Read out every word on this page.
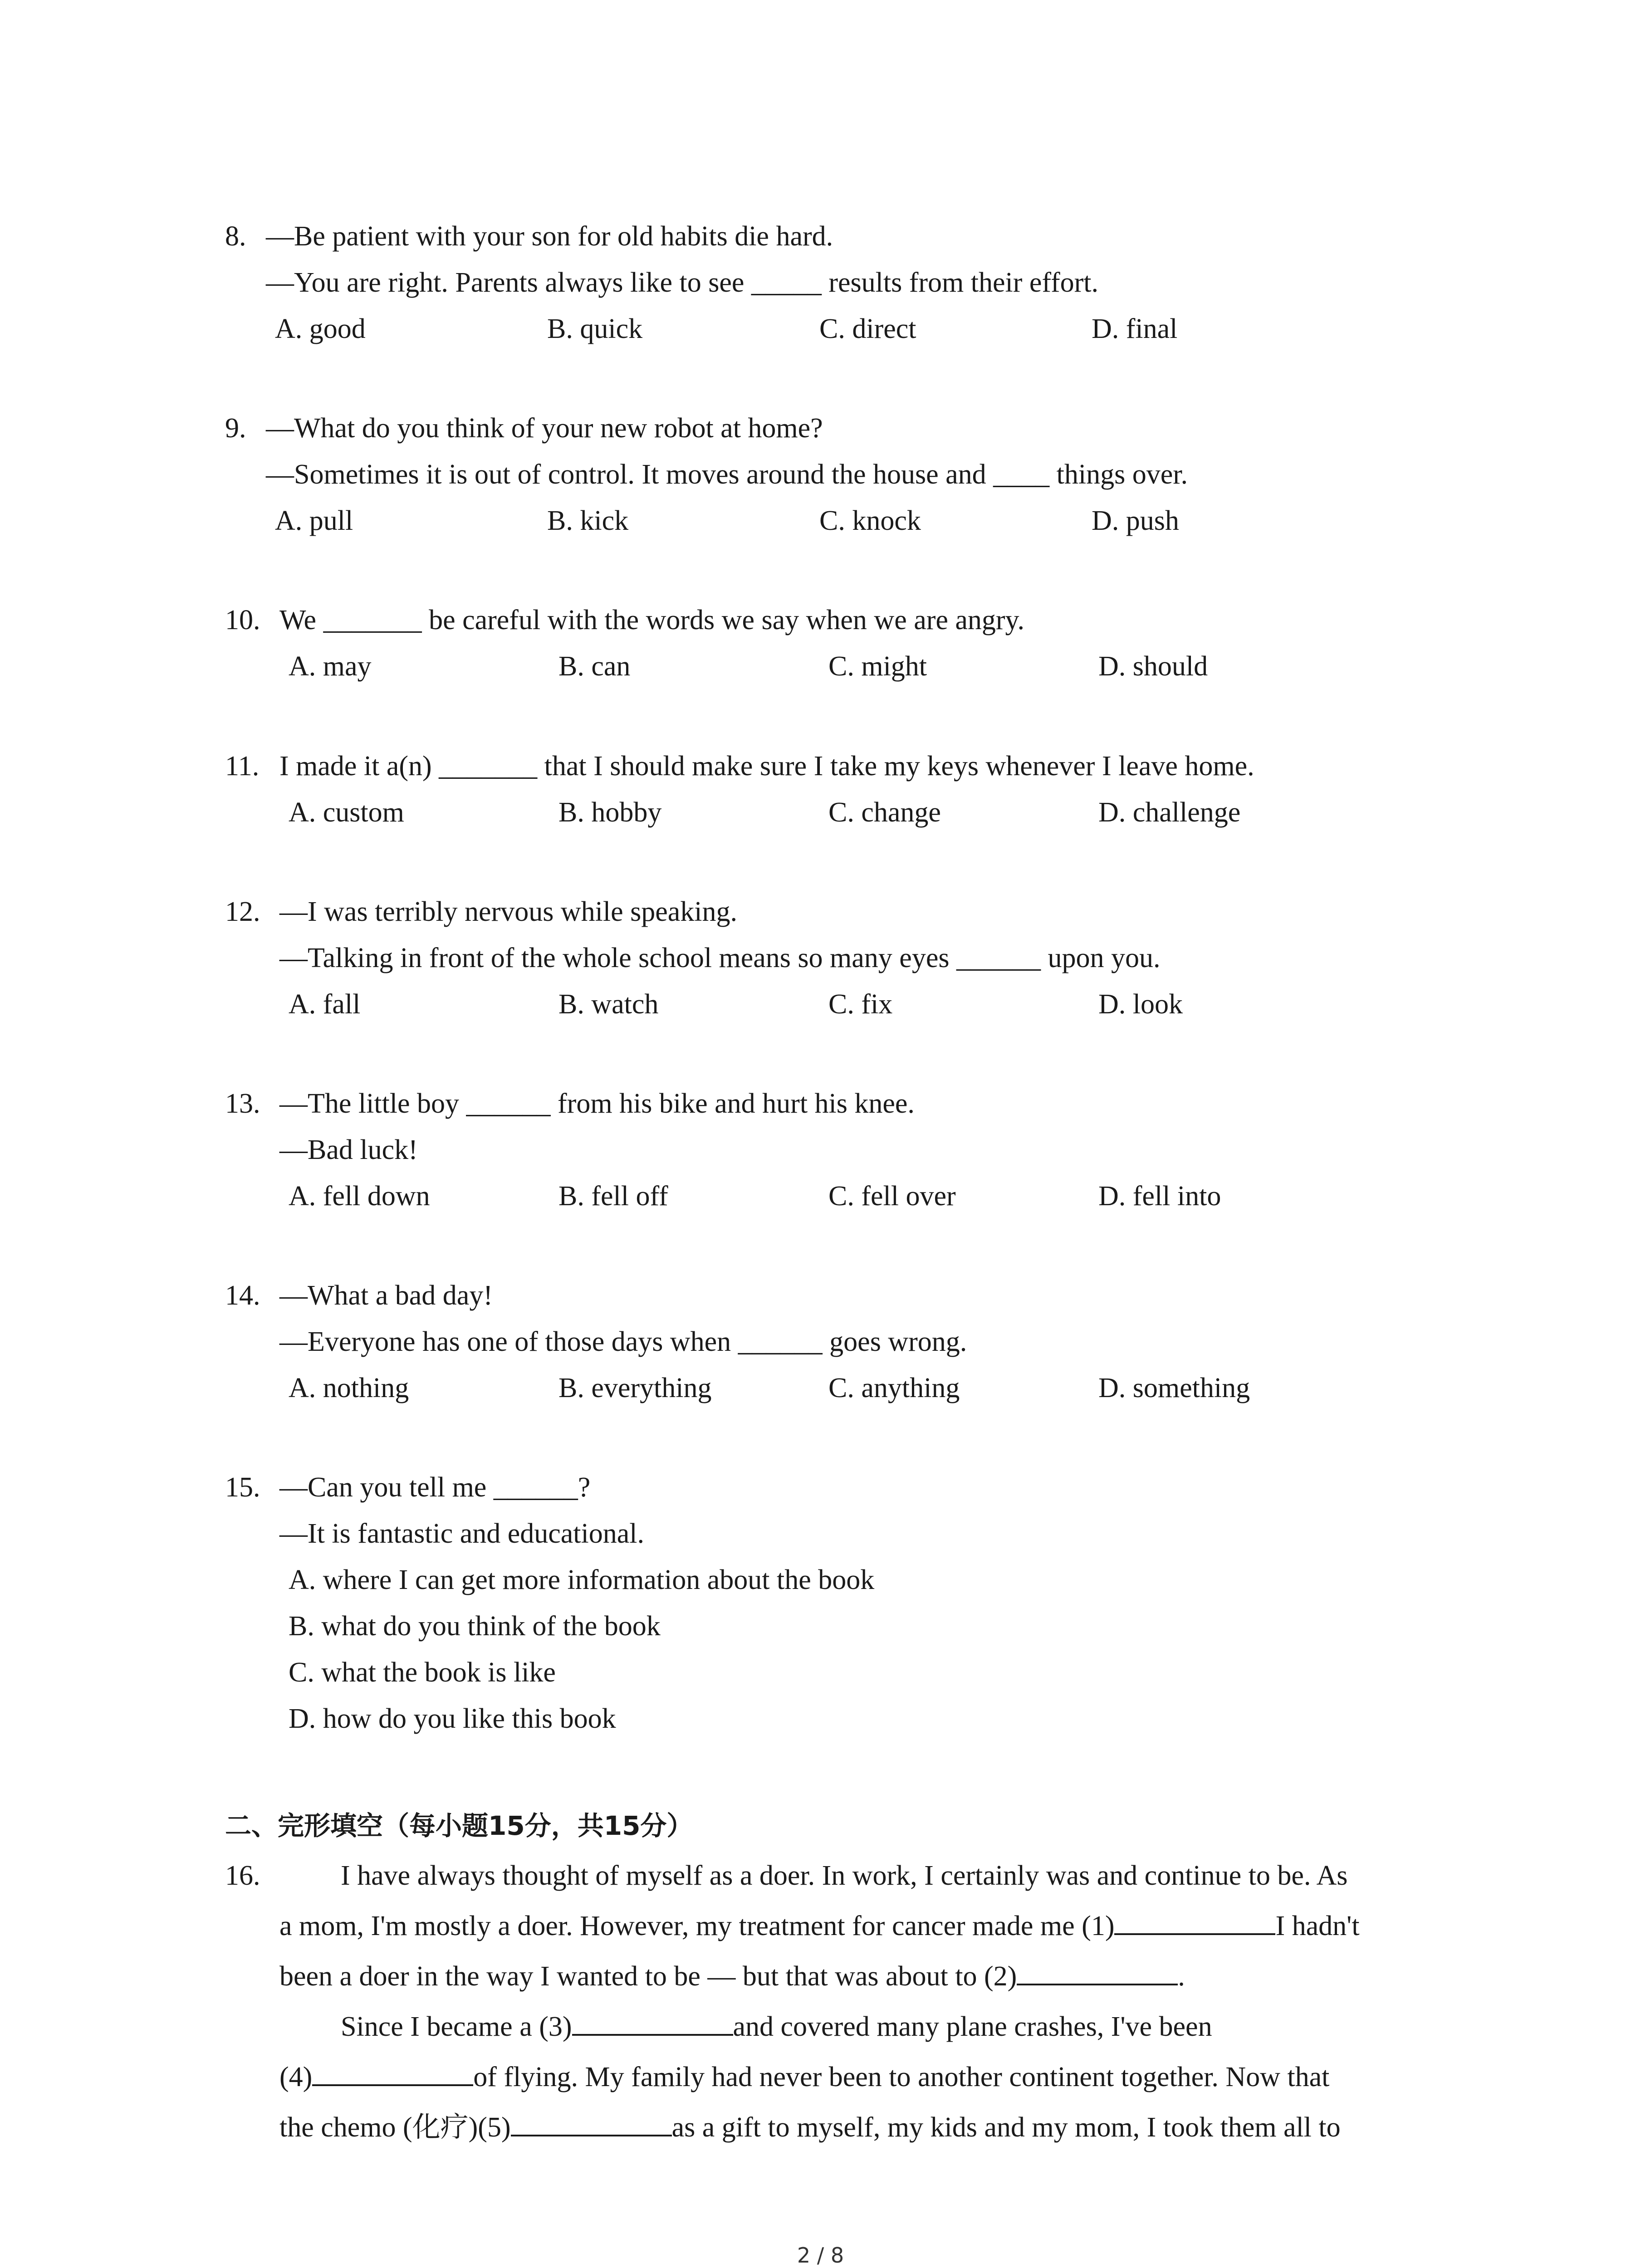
8. —Be patient with your son for old habits die hard.
—You are right. Parents always like to see _____ results from their effort.
A. good	B. quick	C. direct	D. final
9. —What do you think of your new robot at home?
—Sometimes it is out of control. It moves around the house and ____ things over.
A. pull	B. kick	C. knock	D. push
10. We _______ be careful with the words we say when we are angry.
A. may	B. can	C. might	D. should
11. I made it a(n) _______ that I should make sure I take my keys whenever I leave home.
A. custom	B. hobby	C. change	D. challenge
12. —I was terribly nervous while speaking.
—Talking in front of the whole school means so many eyes ______ upon you.
A. fall	B. watch	C. fix	D. look
13. —The little boy ______ from his bike and hurt his knee.
—Bad luck!
A. fell down	B. fell off	C. fell over	D. fell into
14. —What a bad day!
—Everyone has one of those days when ______ goes wrong.
A. nothing	B. everything	C. anything	D. something
15. —Can you tell me ______?
—It is fantastic and educational.
A. where I can get more information about the book
B. what do you think of the book
C. what the book is like
D. how do you like this book
二、完形填空（每小题15分，共15分）
16.	I have always thought of myself as a doer. In work, I certainly was and continue to be. As
a mom, I'm mostly a doer. However, my treatment for cancer made me (1)	I hadn't
been a doer in the way I wanted to be — but that was about to (2)	.
Since I became a (3)	and covered many plane crashes, I've been
(4)	of flying. My family had never been to another continent together. Now that
the chemo (化疗)(5)	as a gift to myself, my kids and my mom, I took them all to
2 / 8
